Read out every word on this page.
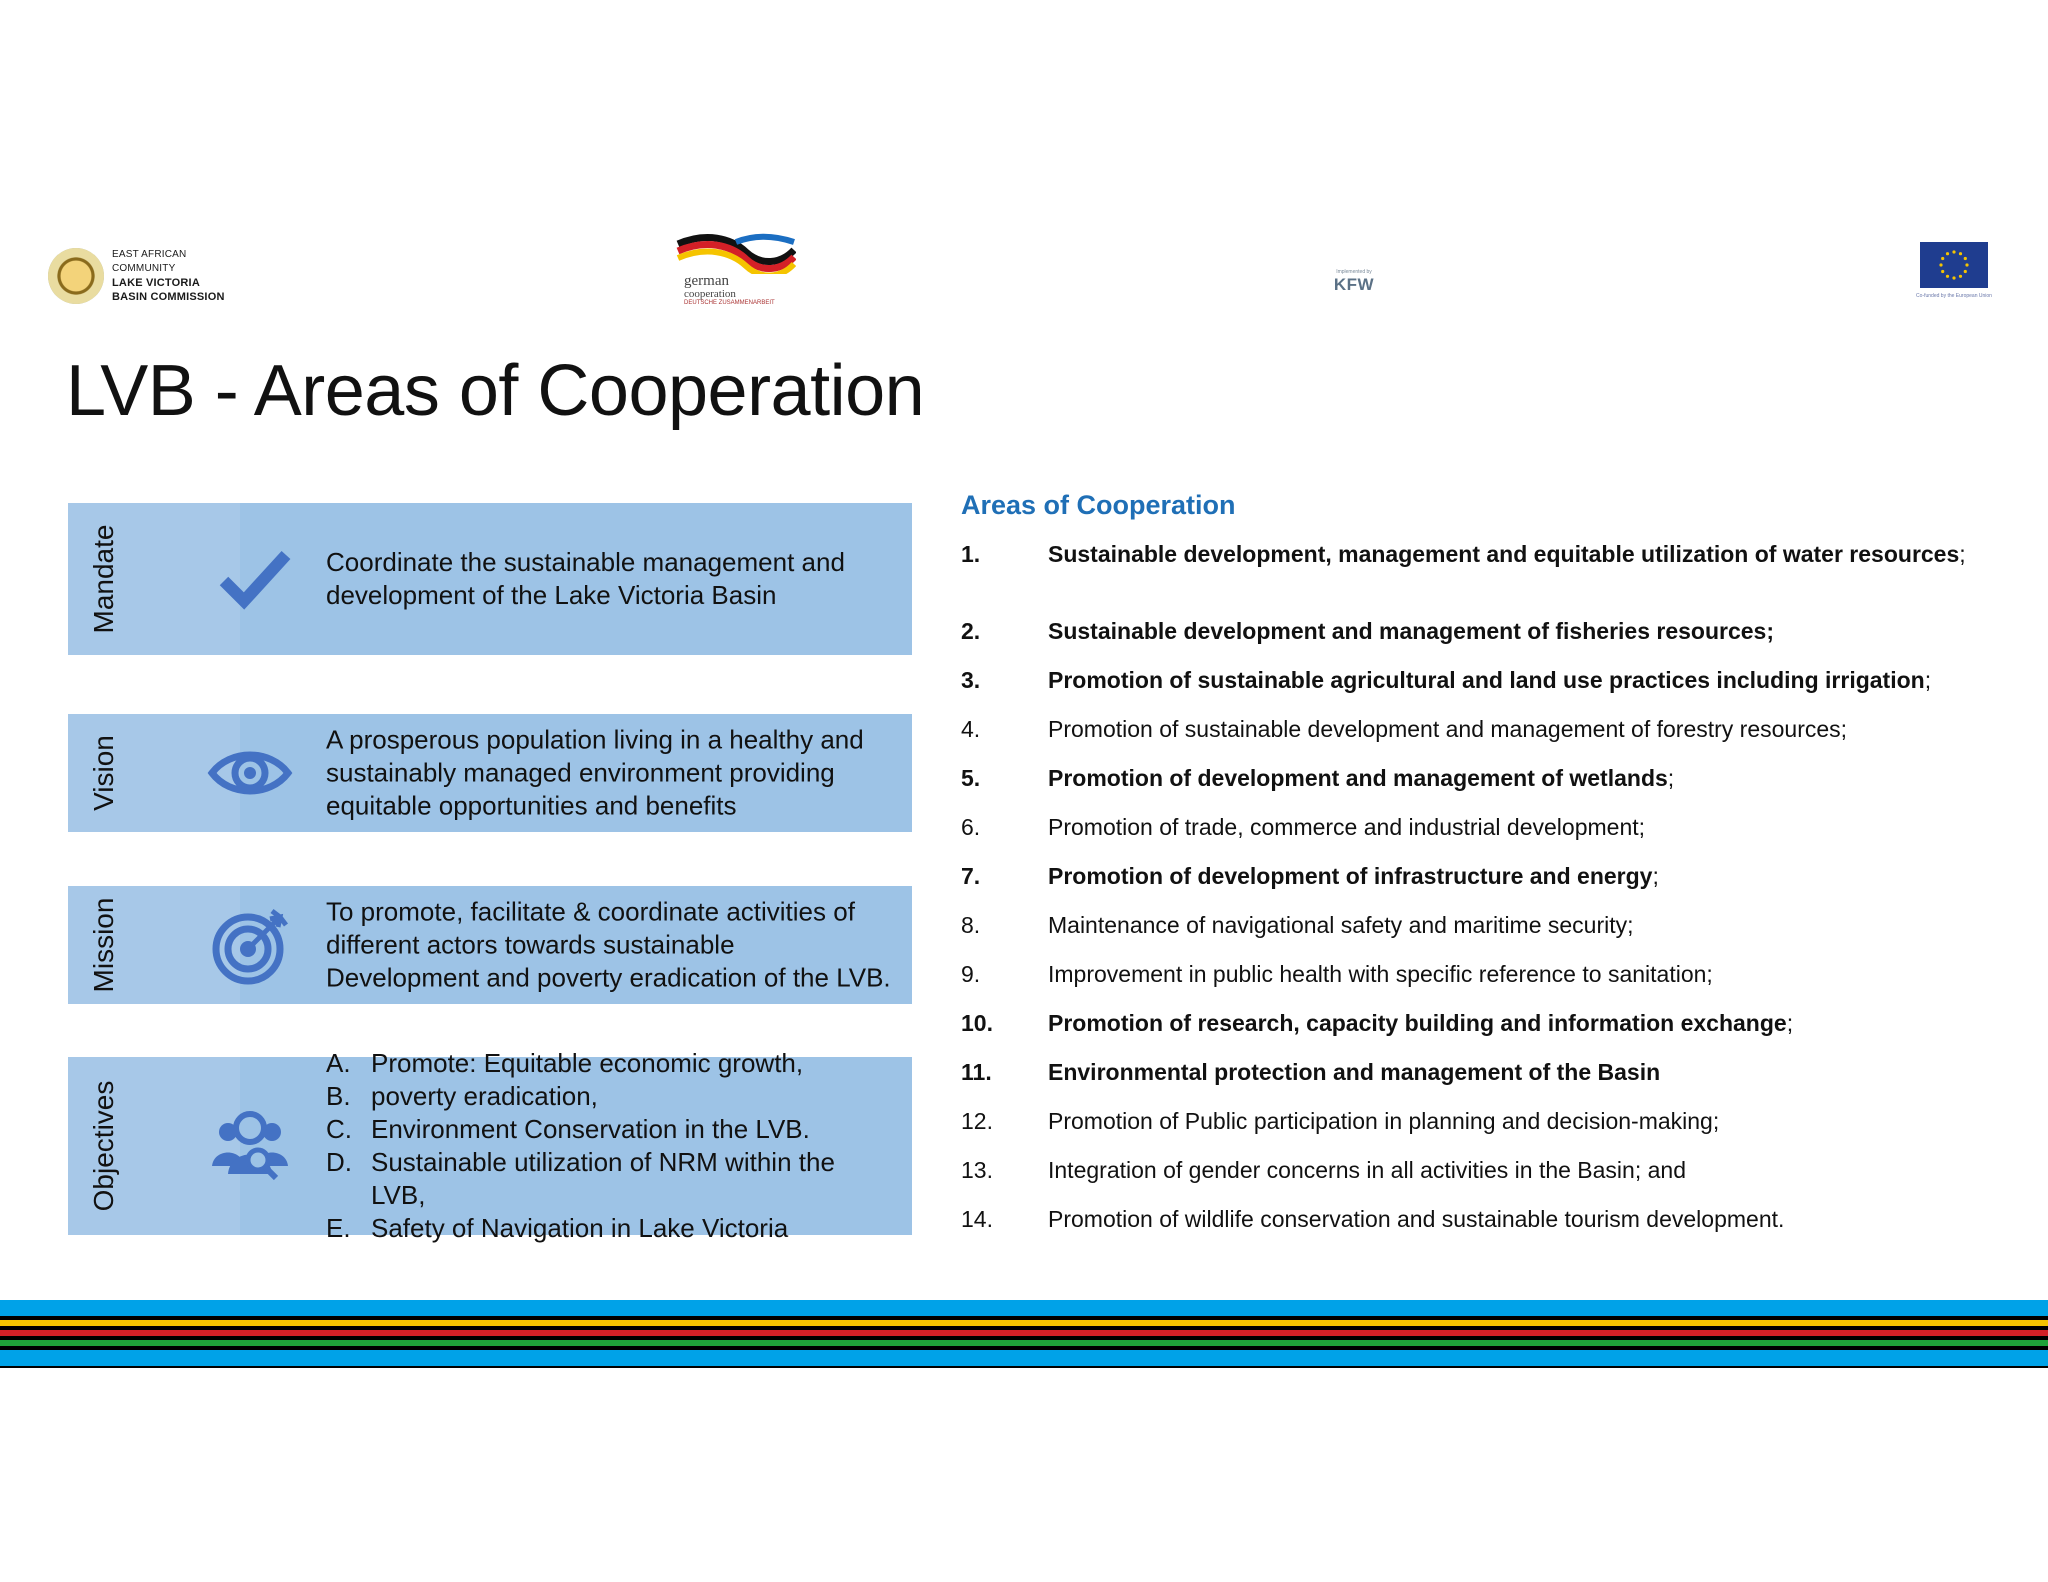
EAST AFRICAN COMMUNITY
LAKE VICTORIA
BASIN COMMISSION
german
cooperation
DEUTSCHE ZUSAMMENARBEIT
Implemented by
KFW
Co-funded by the European Union
LVB - Areas of Cooperation
Mandate	Coordinate the sustainable management and development of the Lake Victoria Basin
Vision	A prosperous population living in a healthy and sustainably managed environment providing equitable opportunities and benefits
Mission	To promote, facilitate & coordinate activities of different actors towards sustainable Development and poverty eradication of the LVB.
Objectives
A. Promote: Equitable economic growth,
B. poverty eradication,
C. Environment Conservation in the LVB.
D. Sustainable utilization of NRM within the LVB,
E. Safety of Navigation in Lake Victoria
Areas of Cooperation
1.	Sustainable development, management and equitable utilization of water resources;
2.	Sustainable development and management of fisheries resources;
3.	Promotion of sustainable agricultural and land use practices including irrigation;
4.	Promotion of sustainable development and management of forestry resources;
5.	Promotion of development and management of wetlands;
6.	Promotion of trade, commerce and industrial development;
7.	Promotion of development of infrastructure and energy;
8.	Maintenance of navigational safety and maritime security;
9.	Improvement in public health with specific reference to sanitation;
10.	Promotion of research, capacity building and information exchange;
11.	Environmental protection and management of the Basin
12.	Promotion of Public participation in planning and decision-making;
13.	Integration of gender concerns in all activities in the Basin; and
14.	Promotion of wildlife conservation and sustainable tourism development.
